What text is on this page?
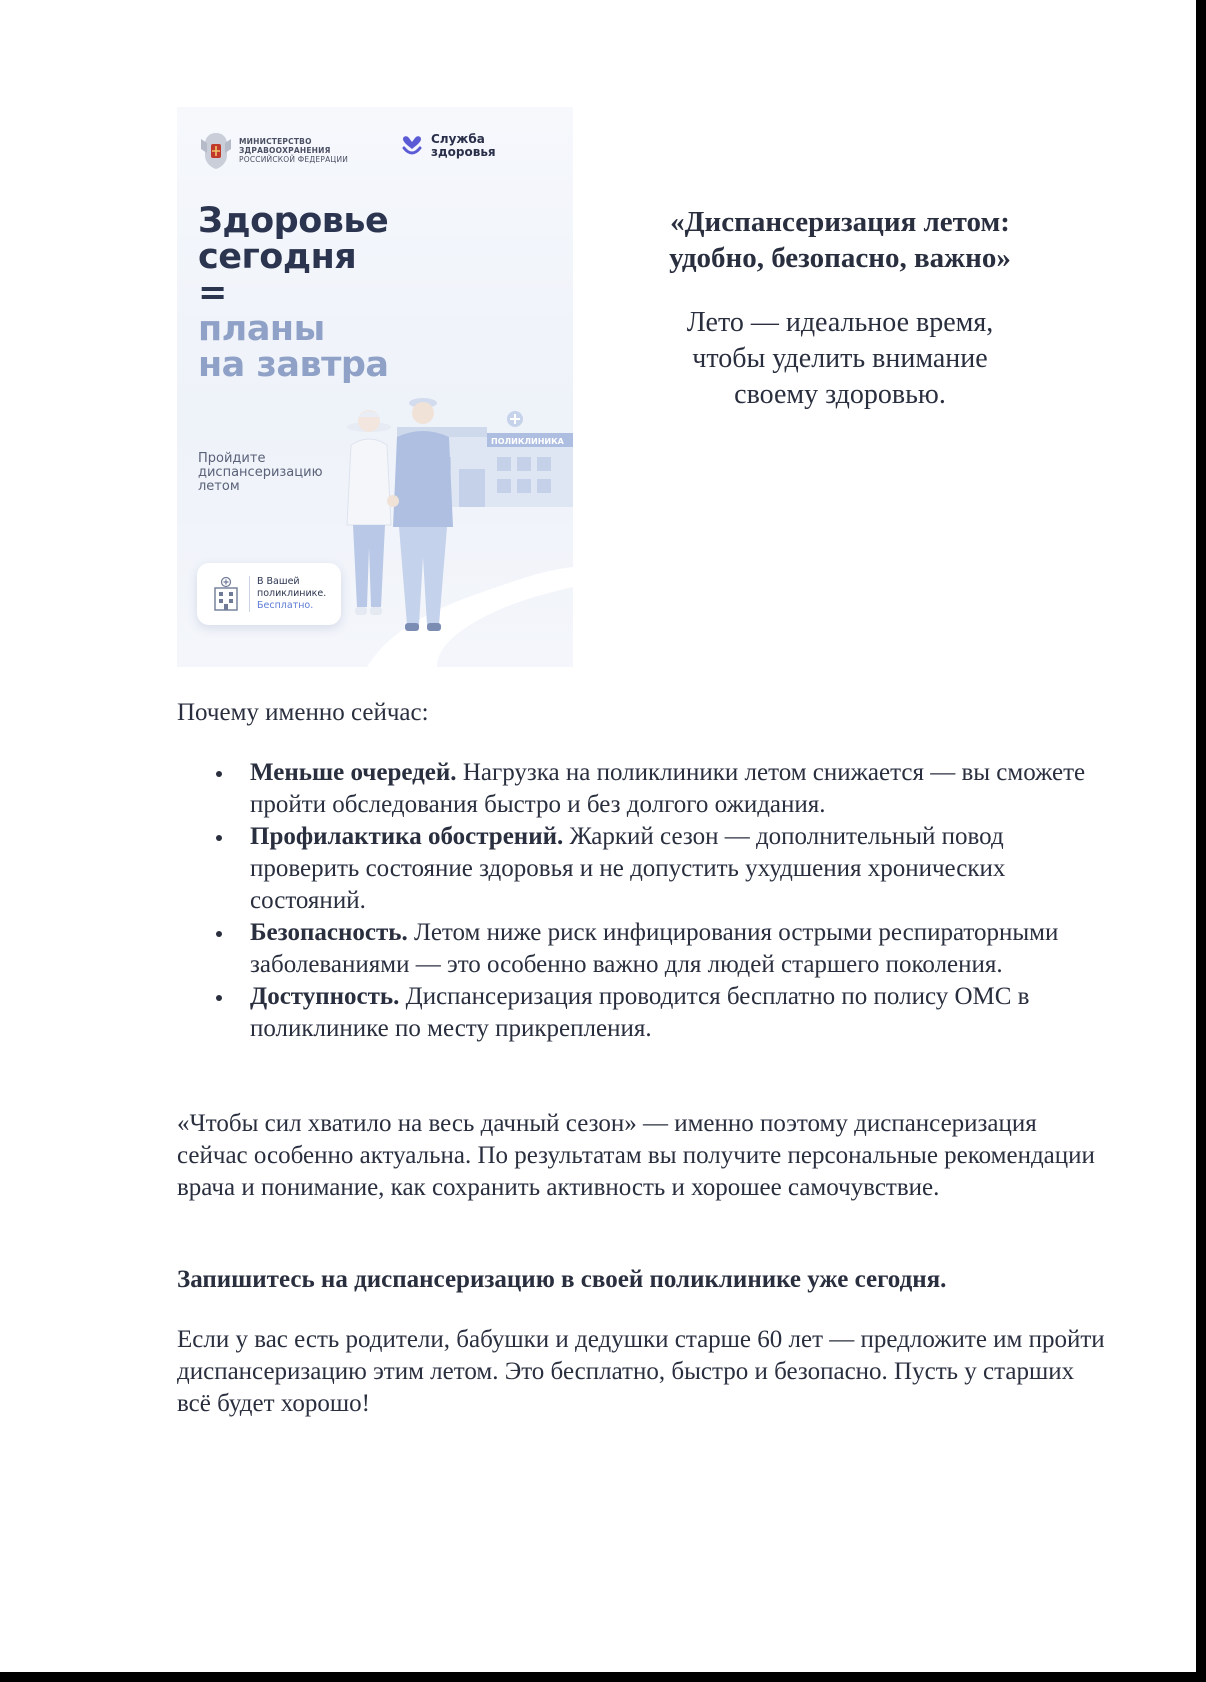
МИНИСТЕРСТВО
ЗДРАВООХРАНЕНИЯ
РОССИЙСКОЙ ФЕДЕРАЦИИ
Служба
здоровья
Здоровье
сегодня
=
планы
на завтра
Пройдите диспансеризацию летом
ПОЛИКЛИНИКА
В Вашей
поликлинике.
Бесплатно.
«Диспансеризация летом:
удобно, безопасно, важно»

Лето — идеальное время,
чтобы уделить внимание
своему здоровью.

Почему именно сейчас:

Меньше очередей. Нагрузка на поликлиники летом снижается — вы сможете пройти обследования быстро и без долгого ожидания.
Профилактика обострений. Жаркий сезон — дополнительный повод проверить состояние здоровья и не допустить ухудшения хронических состояний.
Безопасность. Летом ниже риск инфицирования острыми респираторными заболеваниями — это особенно важно для людей старшего поколения.
Доступность. Диспансеризация проводится бесплатно по полису ОМС в поликлинике по месту прикрепления.

«Чтобы сил хватило на весь дачный сезон» — именно поэтому диспансеризация сейчас особенно актуальна. По результатам вы получите персональные рекомендации врача и понимание, как сохранить активность и хорошее самочувствие.

Запишитесь на диспансеризацию в своей поликлинике уже сегодня.

Если у вас есть родители, бабушки и дедушки старше 60 лет — предложите им пройти диспансеризацию этим летом. Это бесплатно, быстро и безопасно. Пусть у старших всё будет хорошо!
